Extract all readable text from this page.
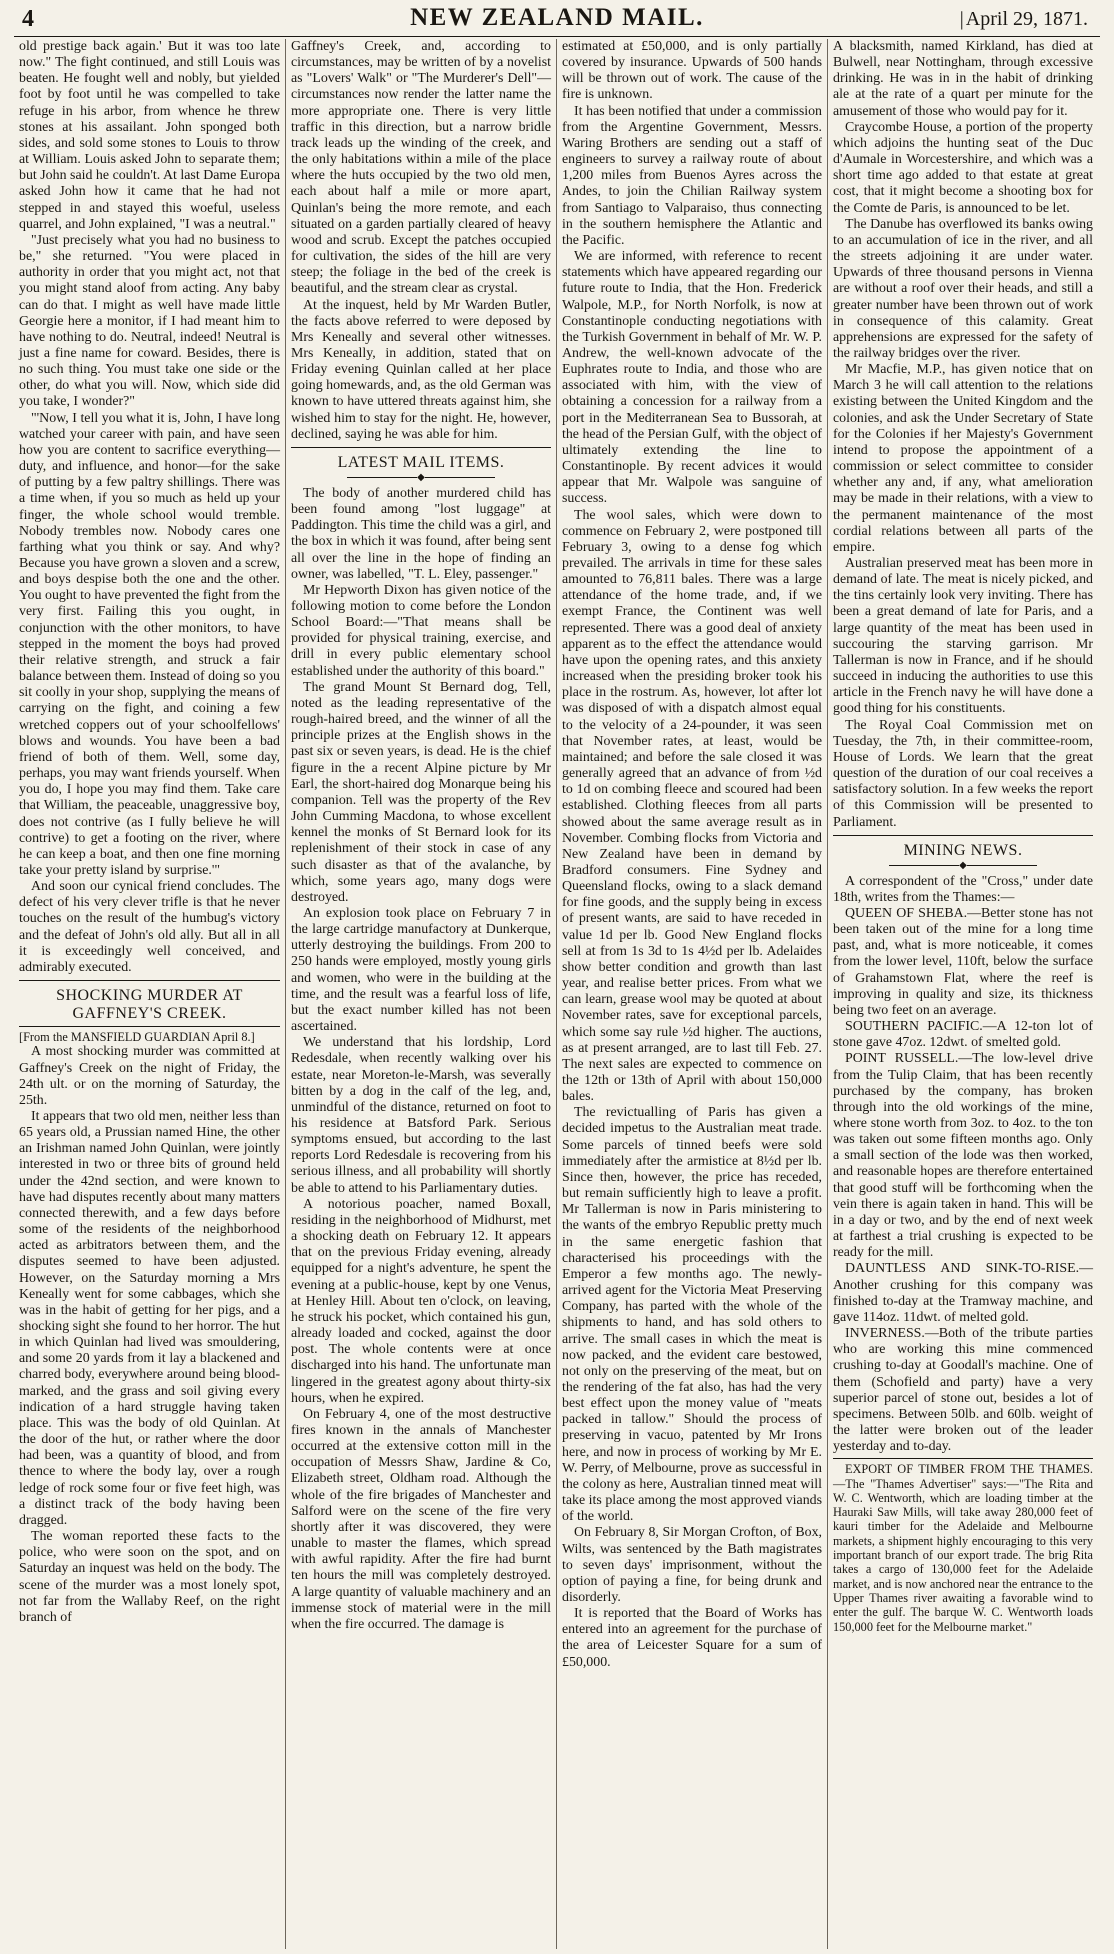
4	NEW ZEALAND MAIL.
|	April 29, 1871.

old prestige back again.' But it was too late now." The fight continued, and still Louis was beaten. He fought well and nobly, but yielded foot by foot until he was compelled to take refuge in his arbor, from whence he threw stones at his assailant. John sponged both sides, and sold some stones to Louis to throw at William. Louis asked John to separate them; but John said he couldn't. At last Dame Europa asked John how it came that he had not stepped in and stayed this woeful, useless quarrel, and John explained, "I was a neutral."

"Just precisely what you had no business to be," she returned. "You were placed in authority in order that you might act, not that you might stand aloof from acting. Any baby can do that. I might as well have made little Georgie here a monitor, if I had meant him to have nothing to do. Neutral, indeed! Neutral is just a fine name for coward. Besides, there is no such thing. You must take one side or the other, do what you will. Now, which side did you take, I wonder?"

"'Now, I tell you what it is, John, I have long watched your career with pain, and have seen how you are content to sacrifice everything—duty, and influence, and honor—for the sake of putting by a few paltry shillings. There was a time when, if you so much as held up your finger, the whole school would tremble. Nobody trembles now. Nobody cares one farthing what you think or say. And why? Because you have grown a sloven and a screw, and boys despise both the one and the other. You ought to have prevented the fight from the very first. Failing this you ought, in conjunction with the other monitors, to have stepped in the moment the boys had proved their relative strength, and struck a fair balance between them. Instead of doing so you sit coolly in your shop, supplying the means of carrying on the fight, and coining a few wretched coppers out of your schoolfellows' blows and wounds. You have been a bad friend of both of them. Well, some day, perhaps, you may want friends yourself. When you do, I hope you may find them. Take care that William, the peaceable, unaggressive boy, does not contrive (as I fully believe he will contrive) to get a footing on the river, where he can keep a boat, and then one fine morning take your pretty island by surprise.'"

And soon our cynical friend concludes. The defect of his very clever trifle is that he never touches on the result of the humbug's victory and the defeat of John's old ally. But all in all it is exceedingly well conceived, and admirably executed.

SHOCKING MURDER AT GAFFNEY'S CREEK.

[From the MANSFIELD GUARDIAN April 8.]

A most shocking murder was committed at Gaffney's Creek on the night of Friday, the 24th ult. or on the morning of Saturday, the 25th.

It appears that two old men, neither less than 65 years old, a Prussian named Hine, the other an Irishman named John Quinlan, were jointly interested in two or three bits of ground held under the 42nd section, and were known to have had disputes recently about many matters connected therewith, and a few days before some of the residents of the neighborhood acted as arbitrators between them, and the disputes seemed to have been adjusted. However, on the Saturday morning a Mrs Keneally went for some cabbages, which she was in the habit of getting for her pigs, and a shocking sight she found to her horror. The hut in which Quinlan had lived was smouldering, and some 20 yards from it lay a blackened and charred body, everywhere around being blood-marked, and the grass and soil giving every indication of a hard struggle having taken place. This was the body of old Quinlan. At the door of the hut, or rather where the door had been, was a quantity of blood, and from thence to where the body lay, over a rough ledge of rock some four or five feet high, was a distinct track of the body having been dragged.

The woman reported these facts to the police, who were soon on the spot, and on Saturday an inquest was held on the body. The scene of the murder was a most lonely spot, not far from the Wallaby Reef, on the right branch of

Gaffney's Creek, and, according to circumstances, may be written of by a novelist as "Lovers' Walk" or "The Murderer's Dell"—circumstances now render the latter name the more appropriate one. There is very little traffic in this direction, but a narrow bridle track leads up the winding of the creek, and the only habitations within a mile of the place where the huts occupied by the two old men, each about half a mile or more apart, Quinlan's being the more remote, and each situated on a garden partially cleared of heavy wood and scrub. Except the patches occupied for cultivation, the sides of the hill are very steep; the foliage in the bed of the creek is beautiful, and the stream clear as crystal.

At the inquest, held by Mr Warden Butler, the facts above referred to were deposed by Mrs Keneally and several other witnesses. Mrs Keneally, in addition, stated that on Friday evening Quinlan called at her place going homewards, and, as the old German was known to have uttered threats against him, she wished him to stay for the night. He, however, declined, saying he was able for him.

LATEST MAIL ITEMS.
◆

The body of another murdered child has been found among "lost luggage" at Paddington. This time the child was a girl, and the box in which it was found, after being sent all over the line in the hope of finding an owner, was labelled, "T. L. Eley, passenger."

Mr Hepworth Dixon has given notice of the following motion to come before the London School Board:—"That means shall be provided for physical training, exercise, and drill in every public elementary school established under the authority of this board."

The grand Mount St Bernard dog, Tell, noted as the leading representative of the rough-haired breed, and the winner of all the principle prizes at the English shows in the past six or seven years, is dead. He is the chief figure in the a recent Alpine picture by Mr Earl, the short-haired dog Monarque being his companion. Tell was the property of the Rev John Cumming Macdona, to whose excellent kennel the monks of St Bernard look for its replenishment of their stock in case of any such disaster as that of the avalanche, by which, some years ago, many dogs were destroyed.

An explosion took place on February 7 in the large cartridge manufactory at Dunkerque, utterly destroying the buildings. From 200 to 250 hands were employed, mostly young girls and women, who were in the building at the time, and the result was a fearful loss of life, but the exact number killed has not been ascertained.

We understand that his lordship, Lord Redesdale, when recently walking over his estate, near Moreton-le-Marsh, was severally bitten by a dog in the calf of the leg, and, unmindful of the distance, returned on foot to his residence at Batsford Park. Serious symptoms ensued, but according to the last reports Lord Redesdale is recovering from his serious illness, and all probability will shortly be able to attend to his Parliamentary duties.

A notorious poacher, named Boxall, residing in the neighborhood of Midhurst, met a shocking death on February 12. It appears that on the previous Friday evening, already equipped for a night's adventure, he spent the evening at a public-house, kept by one Venus, at Henley Hill. About ten o'clock, on leaving, he struck his pocket, which contained his gun, already loaded and cocked, against the door post. The whole contents were at once discharged into his hand. The unfortunate man lingered in the greatest agony about thirty-six hours, when he expired.

On February 4, one of the most destructive fires known in the annals of Manchester occurred at the extensive cotton mill in the occupation of Messrs Shaw, Jardine & Co, Elizabeth street, Oldham road. Although the whole of the fire brigades of Manchester and Salford were on the scene of the fire very shortly after it was discovered, they were unable to master the flames, which spread with awful rapidity. After the fire had burnt ten hours the mill was completely destroyed. A large quantity of valuable machinery and an immense stock of material were in the mill when the fire occurred. The damage is

estimated at £50,000, and is only partially covered by insurance. Upwards of 500 hands will be thrown out of work. The cause of the fire is unknown.

It has been notified that under a commission from the Argentine Government, Messrs. Waring Brothers are sending out a staff of engineers to survey a railway route of about 1,200 miles from Buenos Ayres across the Andes, to join the Chilian Railway system from Santiago to Valparaiso, thus connecting in the southern hemisphere the Atlantic and the Pacific.

We are informed, with reference to recent statements which have appeared regarding our future route to India, that the Hon. Frederick Walpole, M.P., for North Norfolk, is now at Constantinople conducting negotiations with the Turkish Government in behalf of Mr. W. P. Andrew, the well-known advocate of the Euphrates route to India, and those who are associated with him, with the view of obtaining a concession for a railway from a port in the Mediterranean Sea to Bussorah, at the head of the Persian Gulf, with the object of ultimately extending the line to Constantinople. By recent advices it would appear that Mr. Walpole was sanguine of success.

The wool sales, which were down to commence on February 2, were postponed till February 3, owing to a dense fog which prevailed. The arrivals in time for these sales amounted to 76,811 bales. There was a large attendance of the home trade, and, if we exempt France, the Continent was well represented. There was a good deal of anxiety apparent as to the effect the attendance would have upon the opening rates, and this anxiety increased when the presiding broker took his place in the rostrum. As, however, lot after lot was disposed of with a dispatch almost equal to the velocity of a 24-pounder, it was seen that November rates, at least, would be maintained; and before the sale closed it was generally agreed that an advance of from ½d to 1d on combing fleece and scoured had been established. Clothing fleeces from all parts showed about the same average result as in November. Combing flocks from Victoria and New Zealand have been in demand by Bradford consumers. Fine Sydney and Queensland flocks, owing to a slack demand for fine goods, and the supply being in excess of present wants, are said to have receded in value 1d per lb. Good New England flocks sell at from 1s 3d to 1s 4½d per lb. Adelaides show better condition and growth than last year, and realise better prices. From what we can learn, grease wool may be quoted at about November rates, save for exceptional parcels, which some say rule ½d higher. The auctions, as at present arranged, are to last till Feb. 27. The next sales are expected to commence on the 12th or 13th of April with about 150,000 bales.

The revictualling of Paris has given a decided impetus to the Australian meat trade. Some parcels of tinned beefs were sold immediately after the armistice at 8½d per lb. Since then, however, the price has receded, but remain sufficiently high to leave a profit. Mr Tallerman is now in Paris ministering to the wants of the embryo Republic pretty much in the same energetic fashion that characterised his proceedings with the Emperor a few months ago. The newly-arrived agent for the Victoria Meat Preserving Company, has parted with the whole of the shipments to hand, and has sold others to arrive. The small cases in which the meat is now packed, and the evident care bestowed, not only on the preserving of the meat, but on the rendering of the fat also, has had the very best effect upon the money value of "meats packed in tallow." Should the process of preserving in vacuo, patented by Mr Irons here, and now in process of working by Mr E. W. Perry, of Melbourne, prove as successful in the colony as here, Australian tinned meat will take its place among the most approved viands of the world.

On February 8, Sir Morgan Crofton, of Box, Wilts, was sentenced by the Bath magistrates to seven days' imprisonment, without the option of paying a fine, for being drunk and disorderly.

It is reported that the Board of Works has entered into an agreement for the purchase of the area of Leicester Square for a sum of £50,000.

A blacksmith, named Kirkland, has died at Bulwell, near Nottingham, through excessive drinking. He was in in the habit of drinking ale at the rate of a quart per minute for the amusement of those who would pay for it.

Craycombe House, a portion of the property which adjoins the hunting seat of the Duc d'Aumale in Worcestershire, and which was a short time ago added to that estate at great cost, that it might become a shooting box for the Comte de Paris, is announced to be let.

The Danube has overflowed its banks owing to an accumulation of ice in the river, and all the streets adjoining it are under water. Upwards of three thousand persons in Vienna are without a roof over their heads, and still a greater number have been thrown out of work in consequence of this calamity. Great apprehensions are expressed for the safety of the railway bridges over the river.

Mr Macfie, M.P., has given notice that on March 3 he will call attention to the relations existing between the United Kingdom and the colonies, and ask the Under Secretary of State for the Colonies if her Majesty's Government intend to propose the appointment of a commission or select committee to consider whether any and, if any, what amelioration may be made in their relations, with a view to the permanent maintenance of the most cordial relations between all parts of the empire.

Australian preserved meat has been more in demand of late. The meat is nicely picked, and the tins certainly look very inviting. There has been a great demand of late for Paris, and a large quantity of the meat has been used in succouring the starving garrison. Mr Tallerman is now in France, and if he should succeed in inducing the authorities to use this article in the French navy he will have done a good thing for his constituents.

The Royal Coal Commission met on Tuesday, the 7th, in their committee-room, House of Lords. We learn that the great question of the duration of our coal receives a satisfactory solution. In a few weeks the report of this Commission will be presented to Parliament.

MINING NEWS.
◆

A correspondent of the "Cross," under date 18th, writes from the Thames:—

QUEEN OF SHEBA.—Better stone has not been taken out of the mine for a long time past, and, what is more noticeable, it comes from the lower level, 110ft, below the surface of Grahamstown Flat, where the reef is improving in quality and size, its thickness being two feet on an average.

SOUTHERN PACIFIC.—A 12-ton lot of stone gave 47oz. 12dwt. of smelted gold.

POINT RUSSELL.—The low-level drive from the Tulip Claim, that has been recently purchased by the company, has broken through into the old workings of the mine, where stone worth from 3oz. to 4oz. to the ton was taken out some fifteen months ago. Only a small section of the lode was then worked, and reasonable hopes are therefore entertained that good stuff will be forthcoming when the vein there is again taken in hand. This will be in a day or two, and by the end of next week at farthest a trial crushing is expected to be ready for the mill.

DAUNTLESS AND SINK-TO-RISE.—Another crushing for this company was finished to-day at the Tramway machine, and gave 114oz. 11dwt. of melted gold.

INVERNESS.—Both of the tribute parties who are working this mine commenced crushing to-day at Goodall's machine. One of them (Schofield and party) have a very superior parcel of stone out, besides a lot of specimens. Between 50lb. and 60lb. weight of the latter were broken out of the leader yesterday and to-day.

EXPORT OF TIMBER FROM THE THAMES.—The "Thames Advertiser" says:—"The Rita and W. C. Wentworth, which are loading timber at the Hauraki Saw Mills, will take away 280,000 feet of kauri timber for the Adelaide and Melbourne markets, a shipment highly encouraging to this very important branch of our export trade. The brig Rita takes a cargo of 130,000 feet for the Adelaide market, and is now anchored near the entrance to the Upper Thames river awaiting a favorable wind to enter the gulf. The barque W. C. Wentworth loads 150,000 feet for the Melbourne market."
